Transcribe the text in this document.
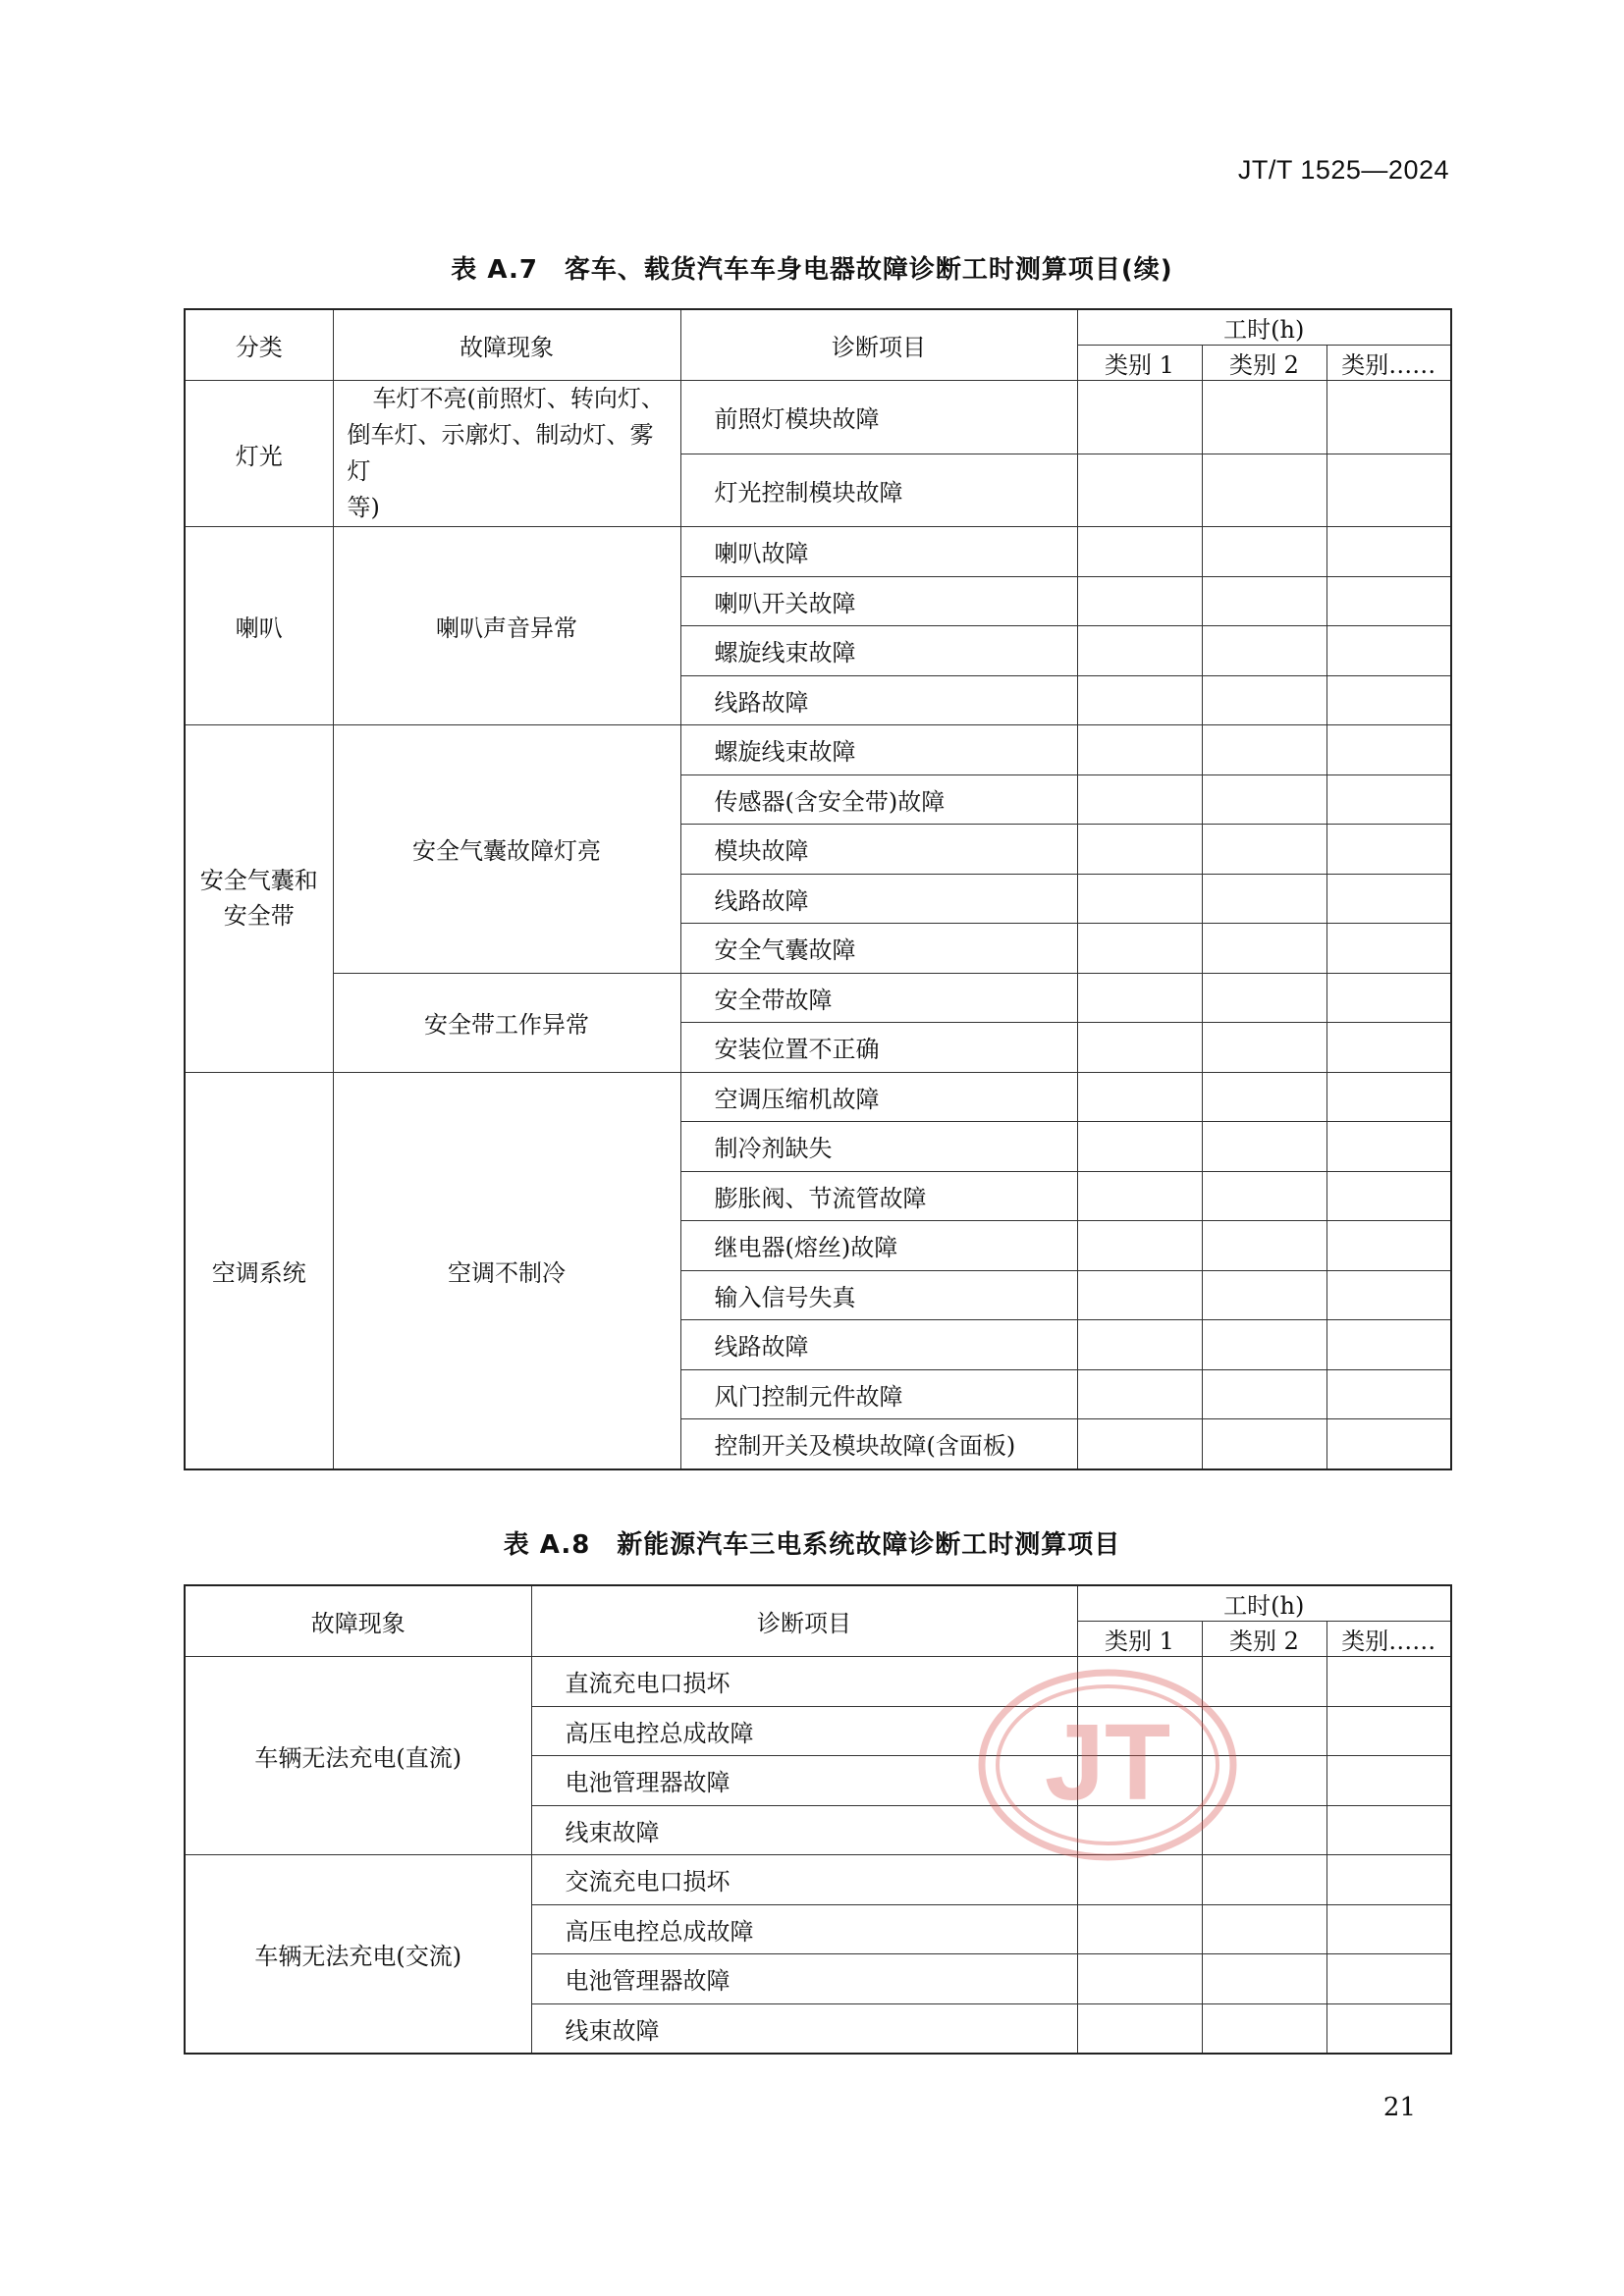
JT/T 1525—2024
表 A.7　客车、载货汽车车身电器故障诊断工时测算项目(续)
分类	故障现象	诊断项目	工时(h)		
			类别 1	类别 2	类别……
灯光	车灯不亮(前照灯、转向灯、
倒车灯、示廓灯、制动灯、雾灯
等)	前照灯模块故障			
		灯光控制模块故障			
喇叭	喇叭声音异常	喇叭故障			
		喇叭开关故障			
		螺旋线束故障			
		线路故障			
安全气囊和
安全带	安全气囊故障灯亮	螺旋线束故障			
		传感器(含安全带)故障			
		模块故障			
		线路故障			
		安全气囊故障			
	安全带工作异常	安全带故障			
		安装位置不正确			
空调系统	空调不制冷	空调压缩机故障			
		制冷剂缺失			
		膨胀阀、节流管故障			
		继电器(熔丝)故障			
		输入信号失真			
		线路故障			
		风门控制元件故障			
		控制开关及模块故障(含面板)			
表 A.8　新能源汽车三电系统故障诊断工时测算项目
故障现象	诊断项目	工时(h)		
		类别 1	类别 2	类别……
车辆无法充电(直流)	直流充电口损坏			
	高压电控总成故障			
	电池管理器故障			
	线束故障			
车辆无法充电(交流)	交流充电口损坏			
	高压电控总成故障			
	电池管理器故障			
	线束故障			
JT
21
